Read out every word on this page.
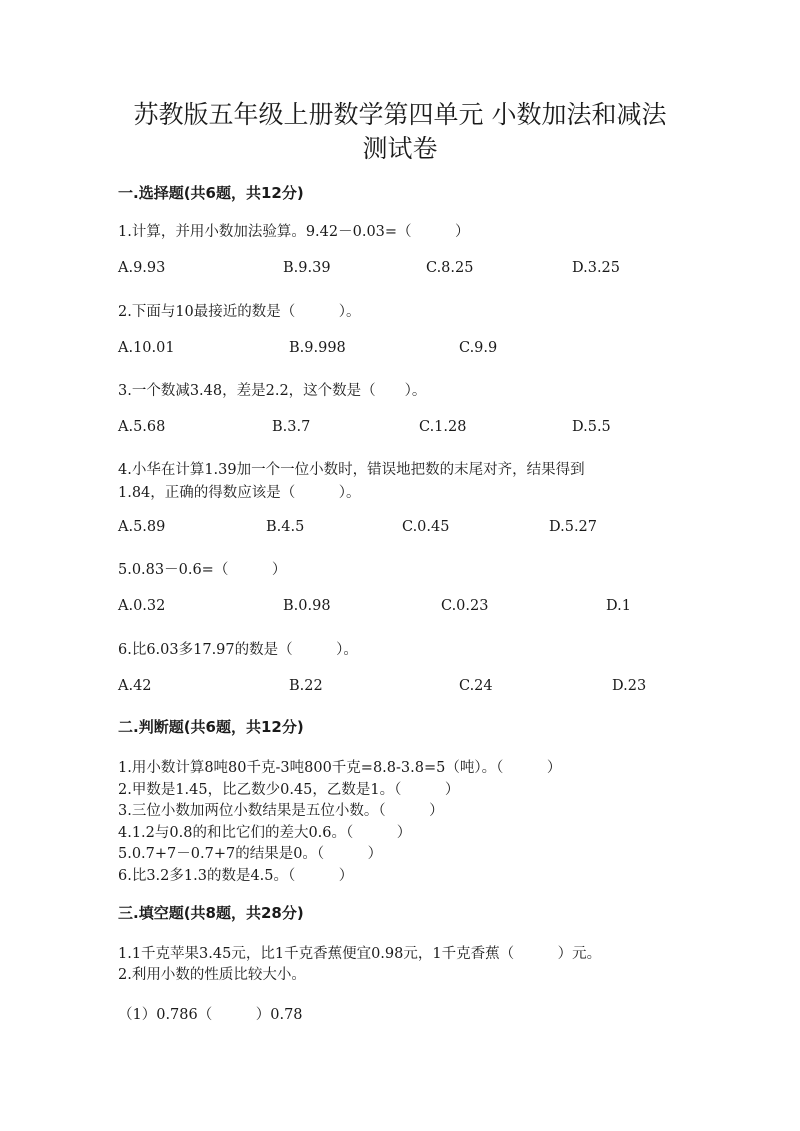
苏教版五年级上册数学第四单元 小数加法和减法
测试卷
一.选择题(共6题，共12分)
1.计算，并用小数加法验算。9.42－0.03=（　　　）
A.9.93	B.9.39	C.8.25	D.3.25
2.下面与10最接近的数是（　　　）。
A.10.01	B.9.998	C.9.9
3.一个数减3.48，差是2.2，这个数是（　　）。
A.5.68	B.3.7	C.1.28	D.5.5
4.小华在计算1.39加一个一位小数时，错误地把数的末尾对齐，结果得到
1.84，正确的得数应该是（　　　）。
A.5.89	B.4.5	C.0.45	D.5.27
5.0.83－0.6=（　　　）
A.0.32	B.0.98	C.0.23	D.1
6.比6.03多17.97的数是（　　　）。
A.42	B.22	C.24	D.23
二.判断题(共6题，共12分)
1.用小数计算8吨80千克-3吨800千克=8.8-3.8=5（吨）。（　　　）
2.甲数是1.45，比乙数少0.45，乙数是1。（　　　）
3.三位小数加两位小数结果是五位小数。（　　　）
4.1.2与0.8的和比它们的差大0.6。（　　　）
5.0.7+7－0.7+7的结果是0。（　　　）
6.比3.2多1.3的数是4.5。（　　　）
三.填空题(共8题，共28分)
1.1千克苹果3.45元，比1千克香蕉便宜0.98元，1千克香蕉（　　　）元。
2.利用小数的性质比较大小。
（1）0.786（　　　）0.78
